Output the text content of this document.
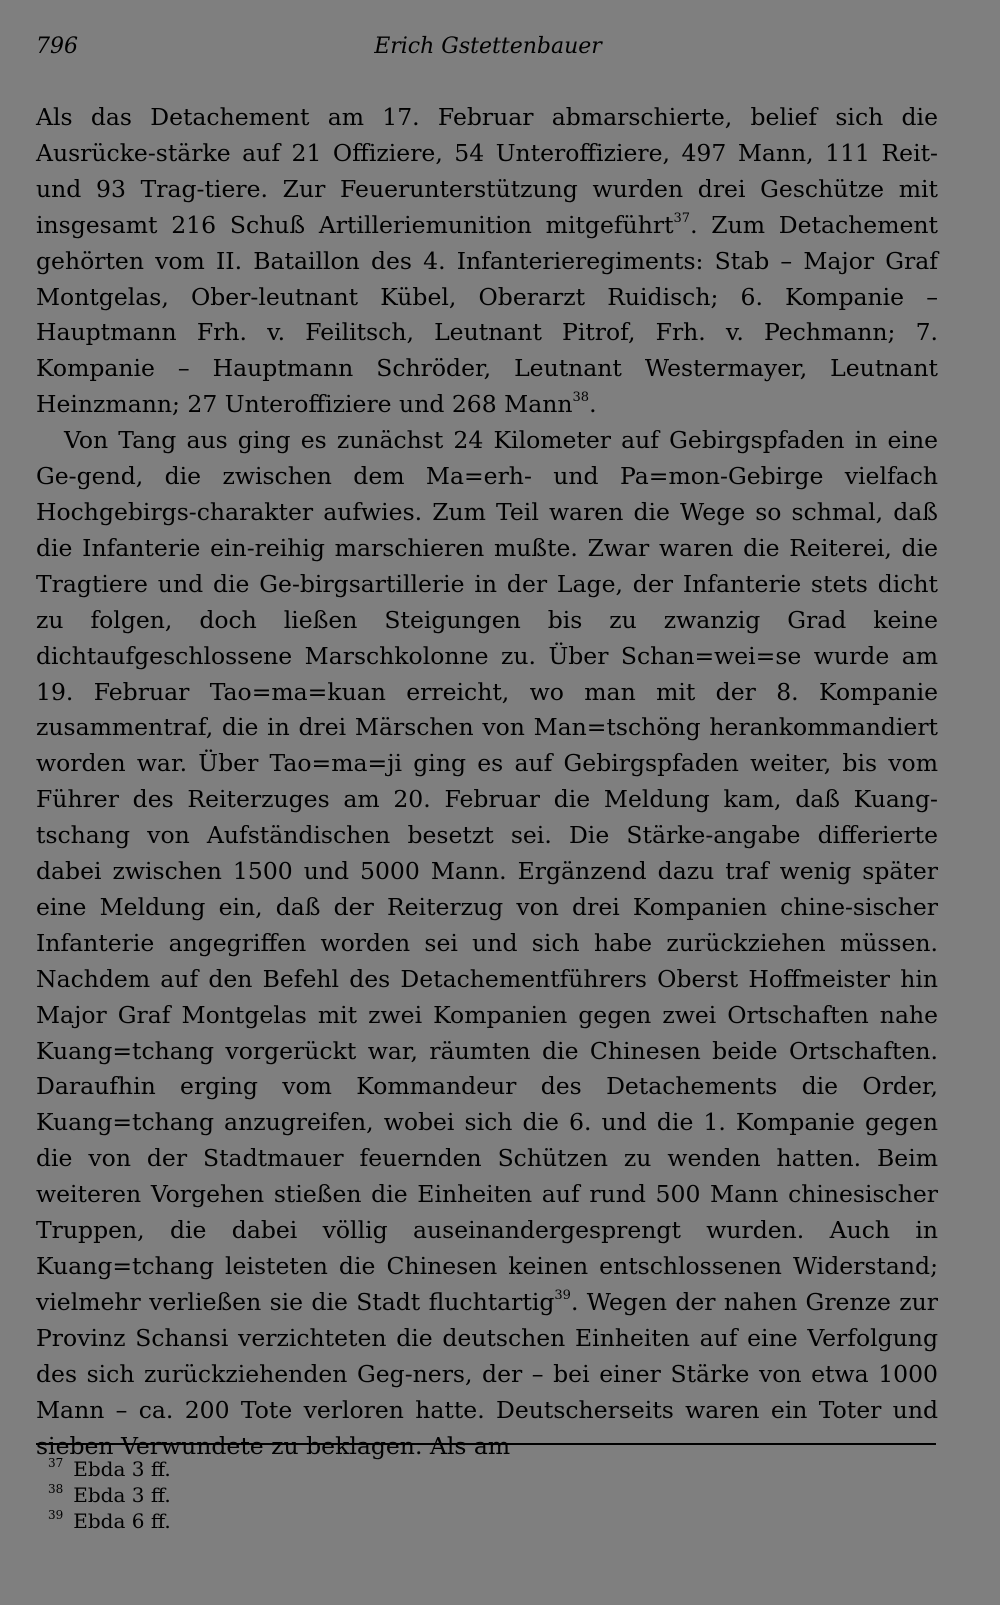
796	Erich Gstettenbauer

Als das Detachement am 17. Februar abmarschierte, belief sich die Ausrücke-stärke auf 21 Offiziere, 54 Unteroffiziere, 497 Mann, 111 Reit- und 93 Trag-tiere. Zur Feuerunterstützung wurden drei Geschütze mit insgesamt 216 Schuß Artilleriemunition mitgeführt$^{37}$. Zum Detachement gehörten vom II. Bataillon des 4. Infanterieregiments: Stab – Major Graf Montgelas, Ober-leutnant Kübel, Oberarzt Ruidisch; 6. Kompanie – Hauptmann Frh. v. Feilitsch, Leutnant Pitrof, Frh. v. Pechmann; 7. Kompanie – Hauptmann Schröder, Leutnant Westermayer, Leutnant Heinzmann; 27 Unteroffiziere und 268 Mann$^{38}$.

Von Tang aus ging es zunächst 24 Kilometer auf Gebirgspfaden in eine Ge-gend, die zwischen dem Ma=erh- und Pa=mon-Gebirge vielfach Hochgebirgs-charakter aufwies. Zum Teil waren die Wege so schmal, daß die Infanterie ein-reihig marschieren mußte. Zwar waren die Reiterei, die Tragtiere und die Ge-birgsartillerie in der Lage, der Infanterie stets dicht zu folgen, doch ließen Steigungen bis zu zwanzig Grad keine dichtaufgeschlossene Marschkolonne zu. Über Schan=wei=se wurde am 19. Februar Tao=ma=kuan erreicht, wo man mit der 8. Kompanie zusammentraf, die in drei Märschen von Man=tschöng herankommandiert worden war. Über Tao=ma=ji ging es auf Gebirgspfaden weiter, bis vom Führer des Reiterzuges am 20. Februar die Meldung kam, daß Kuang-tschang von Aufständischen besetzt sei. Die Stärke-angabe differierte dabei zwischen 1500 und 5000 Mann. Ergänzend dazu traf wenig später eine Meldung ein, daß der Reiterzug von drei Kompanien chine-sischer Infanterie angegriffen worden sei und sich habe zurückziehen müssen. Nachdem auf den Befehl des Detachementführers Oberst Hoffmeister hin Major Graf Montgelas mit zwei Kompanien gegen zwei Ortschaften nahe Kuang=tchang vorgerückt war, räumten die Chinesen beide Ortschaften. Daraufhin erging vom Kommandeur des Detachements die Order, Kuang=tchang anzugreifen, wobei sich die 6. und die 1. Kompanie gegen die von der Stadtmauer feuernden Schützen zu wenden hatten. Beim weiteren Vorgehen stießen die Einheiten auf rund 500 Mann chinesischer Truppen, die dabei völlig auseinandergesprengt wurden. Auch in Kuang=tchang leisteten die Chinesen keinen entschlossenen Widerstand; vielmehr verließen sie die Stadt fluchtartig$^{39}$. Wegen der nahen Grenze zur Provinz Schansi verzichteten die deutschen Einheiten auf eine Verfolgung des sich zurückziehenden Geg-ners, der – bei einer Stärke von etwa 1000 Mann – ca. 200 Tote verloren hatte. Deutscherseits waren ein Toter und sieben Verwundete zu beklagen. Als am

$^{37}$ Ebda 3 ff.
$^{38}$ Ebda 3 ff.
$^{39}$ Ebda 6 ff.
